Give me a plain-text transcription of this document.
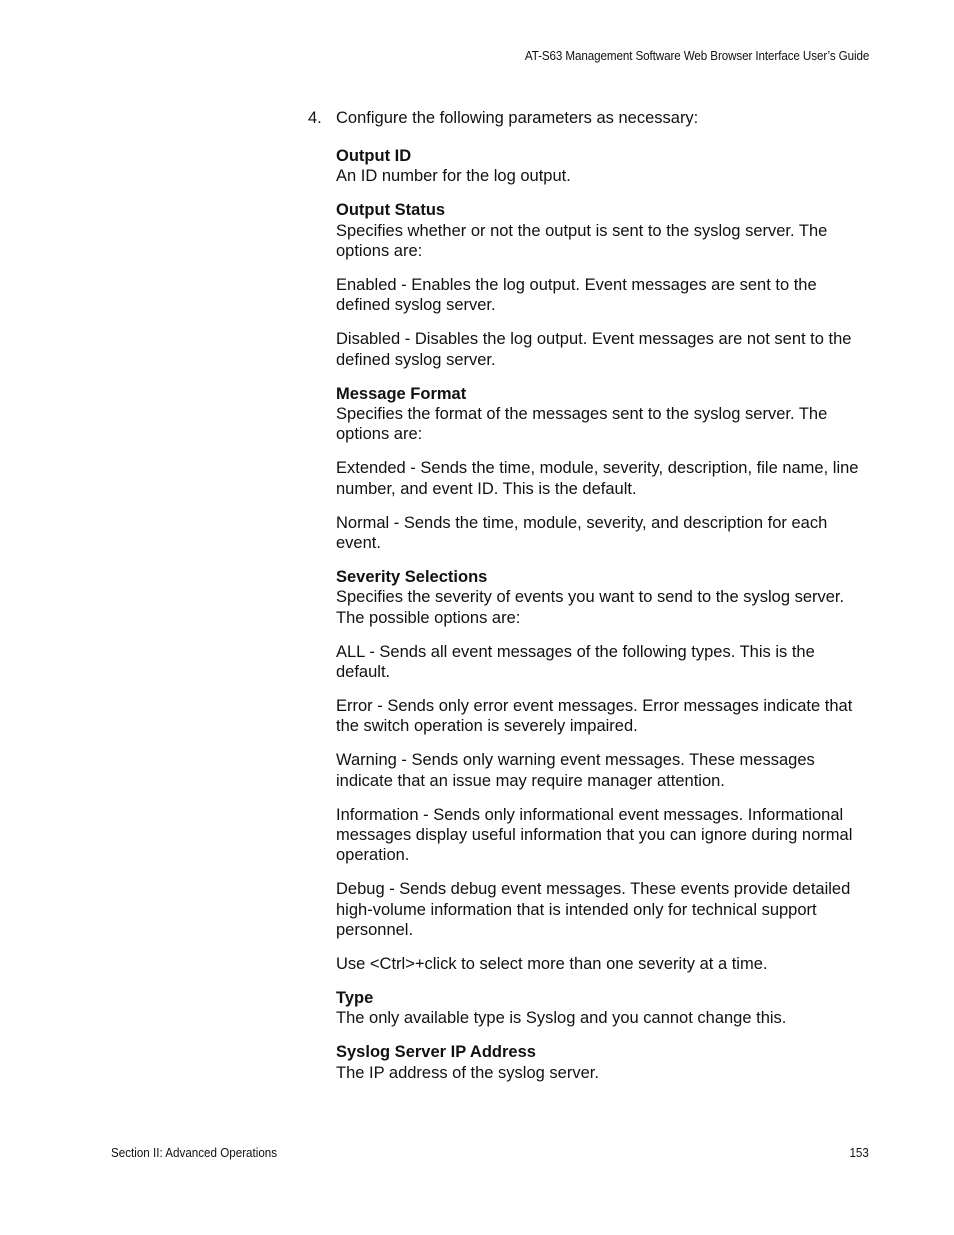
AT-S63 Management Software Web Browser Interface User’s Guide
4. Configure the following parameters as necessary:

Output ID

An ID number for the log output.

Output Status

Specifies whether or not the output is sent to the syslog server. The options are:

Enabled - Enables the log output. Event messages are sent to the defined syslog server.

Disabled - Disables the log output. Event messages are not sent to the defined syslog server.

Message Format

Specifies the format of the messages sent to the syslog server. The options are:

Extended - Sends the time, module, severity, description, file name, line number, and event ID. This is the default.

Normal - Sends the time, module, severity, and description for each event.

Severity Selections

Specifies the severity of events you want to send to the syslog server. The possible options are:

ALL - Sends all event messages of the following types. This is the default.

Error - Sends only error event messages. Error messages indicate that the switch operation is severely impaired.

Warning - Sends only warning event messages. These messages indicate that an issue may require manager attention.

Information - Sends only informational event messages. Informational messages display useful information that you can ignore during normal operation.

Debug - Sends debug event messages. These events provide detailed high-volume information that is intended only for technical support personnel.

Use <Ctrl>+click to select more than one severity at a time.

Type

The only available type is Syslog and you cannot change this.

Syslog Server IP Address

The IP address of the syslog server.

Section II: Advanced Operations	153
